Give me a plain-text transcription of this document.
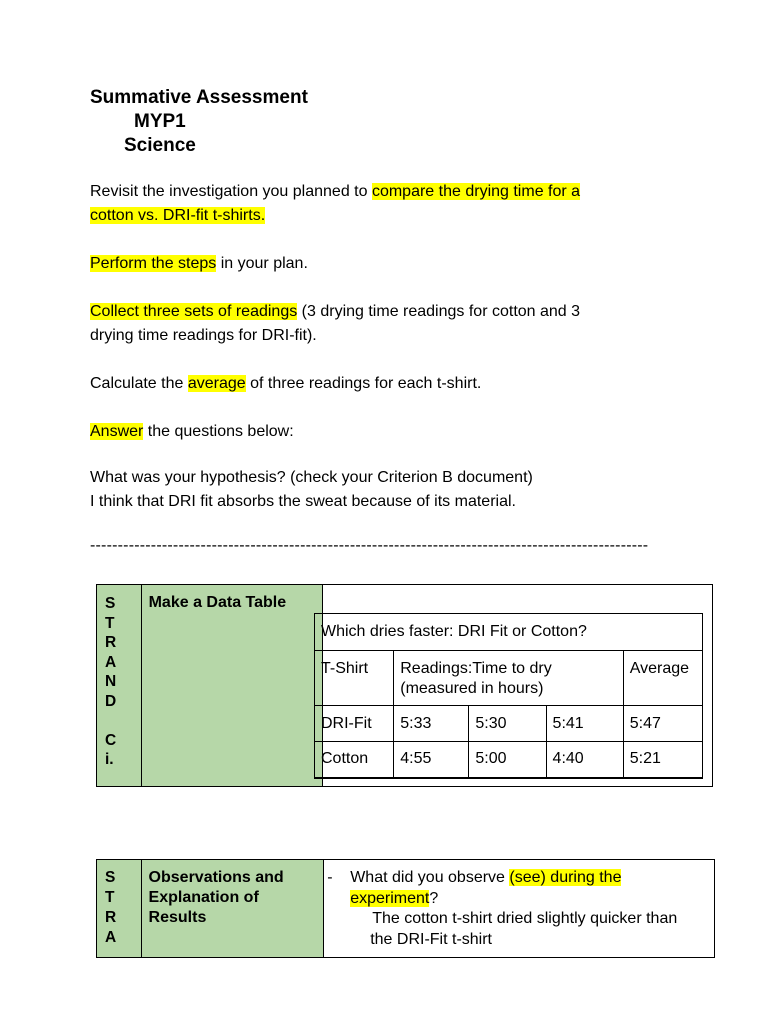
Summative Assessment
MYP1
Science
Revisit the investigation you planned to compare the drying time for a
cotton vs. DRI-fit t-shirts.
Perform the steps in your plan.
Collect three sets of readings (3 drying time readings for cotton and 3
drying time readings for DRI-fit).
Calculate the average of three readings for each t-shirt.
Answer the questions below:
What was your hypothesis? (check your Criterion B document)
I think that DRI fit absorbs the sweat because of its material.
-----------------------------------------------------------------------------------------------------
S
T
R
A
N
D
C
i.

Make a Data Table

Which dries faster: DRI Fit or Cotton?				
T-Shirt	Readings:Time to dry
(measured in hours)			Average
DRI-Fit	5:33	5:30	5:41	5:47
Cotton	4:55	5:00	4:40	5:21
S
T
R
A

Observations and
Explanation of
Results

- What did you observe (see) during the
experiment?
The cotton t-shirt dried slightly quicker than
the DRI-Fit t-shirt
